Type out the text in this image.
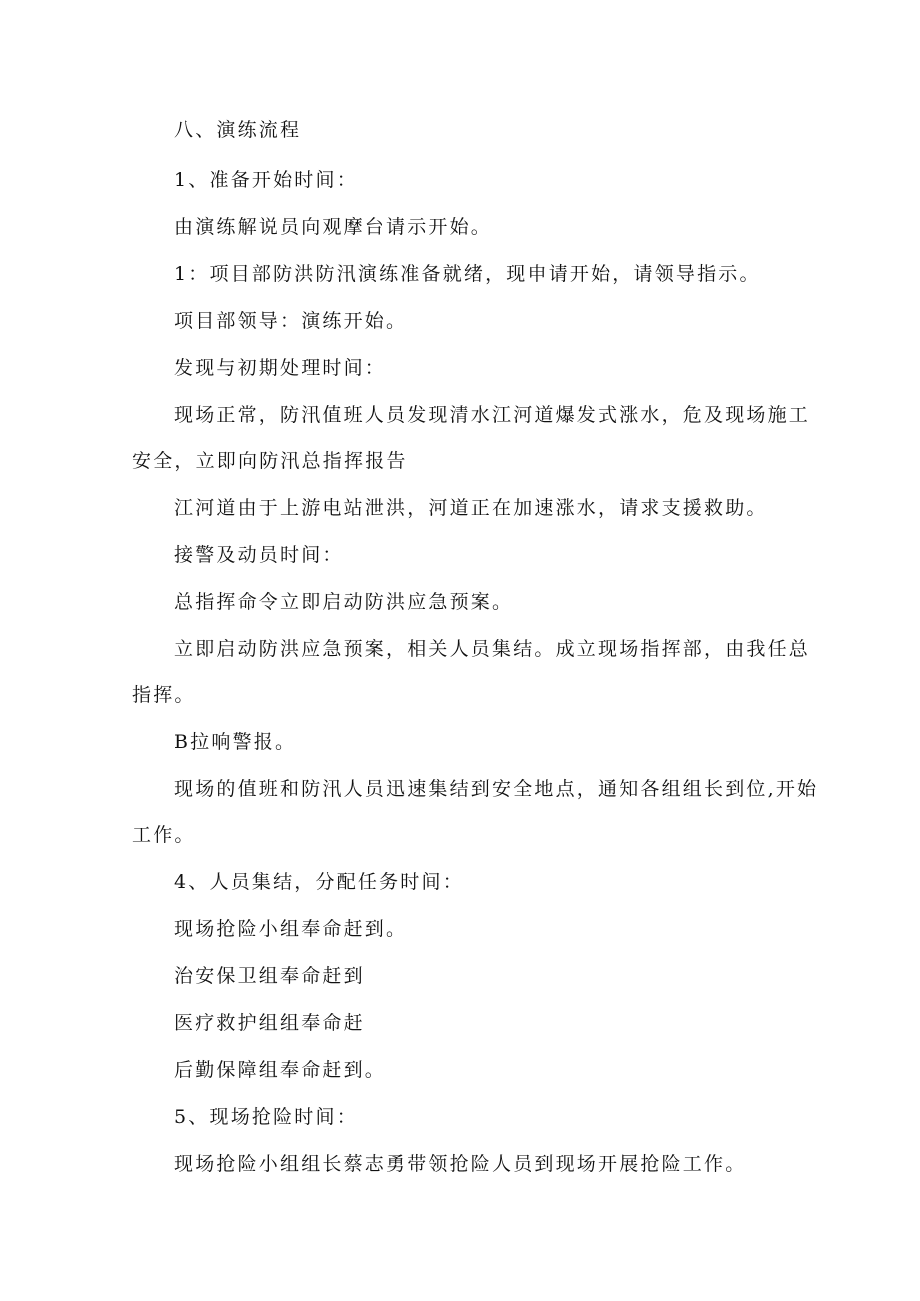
八、演练流程

1、准备开始时间：

由演练解说员向观摩台请示开始。

1：项目部防洪防汛演练准备就绪，现申请开始，请领导指示。

项目部领导：演练开始。

发现与初期处理时间：

现场正常，防汛值班人员发现清水江河道爆发式涨水，危及现场施工

安全，立即向防汛总指挥报告

江河道由于上游电站泄洪，河道正在加速涨水，请求支援救助。

接警及动员时间：

总指挥命令立即启动防洪应急预案。

立即启动防洪应急预案，相关人员集结。成立现场指挥部，由我任总

指挥。

B拉响警报。

现场的值班和防汛人员迅速集结到安全地点，通知各组组长到位,开始

工作。

4、人员集结，分配任务时间：

现场抢险小组奉命赶到。

治安保卫组奉命赶到

医疗救护组组奉命赶

后勤保障组奉命赶到。

5、现场抢险时间：

现场抢险小组组长蔡志勇带领抢险人员到现场开展抢险工作。
